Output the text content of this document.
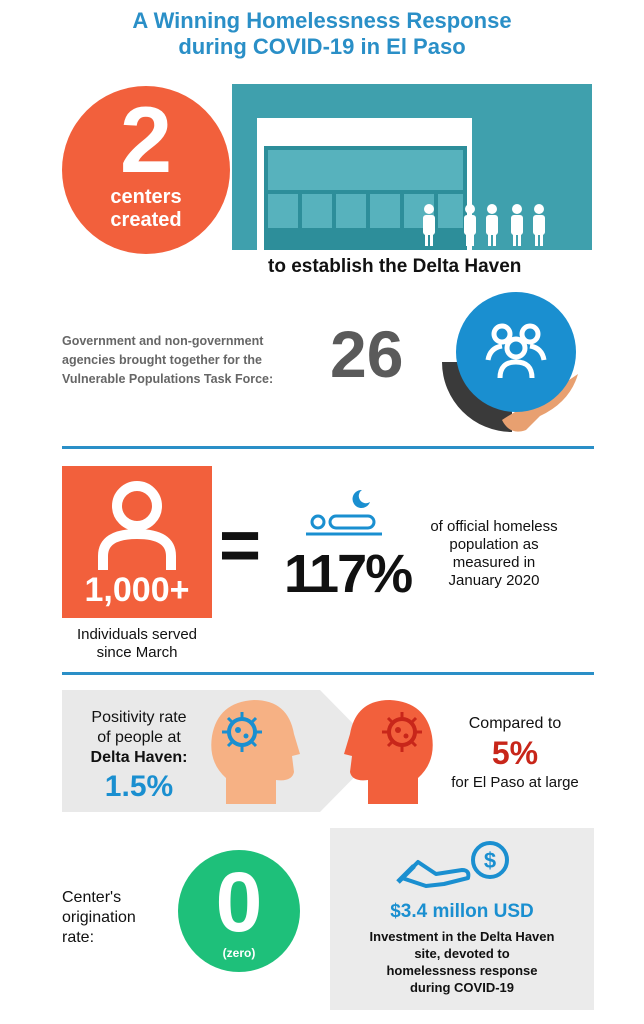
A Winning Homelessness Response
during COVID-19 in El Paso
2
centers
created
to establish the Delta Haven
Government and non-government
agencies brought together for the
Vulnerable Populations Task Force: 26
1,000+
Individuals served
since March
= 117%
of official homeless
population as
measured in
January 2020
Positivity rate
of people at
Delta Haven:
1.5%
Compared to
5%
for El Paso at large
Center's
origination
rate:	0
(zero)
$
$3.4 millon USD
Investment in the Delta Haven
site, devoted to
homelessness response
during COVID-19
